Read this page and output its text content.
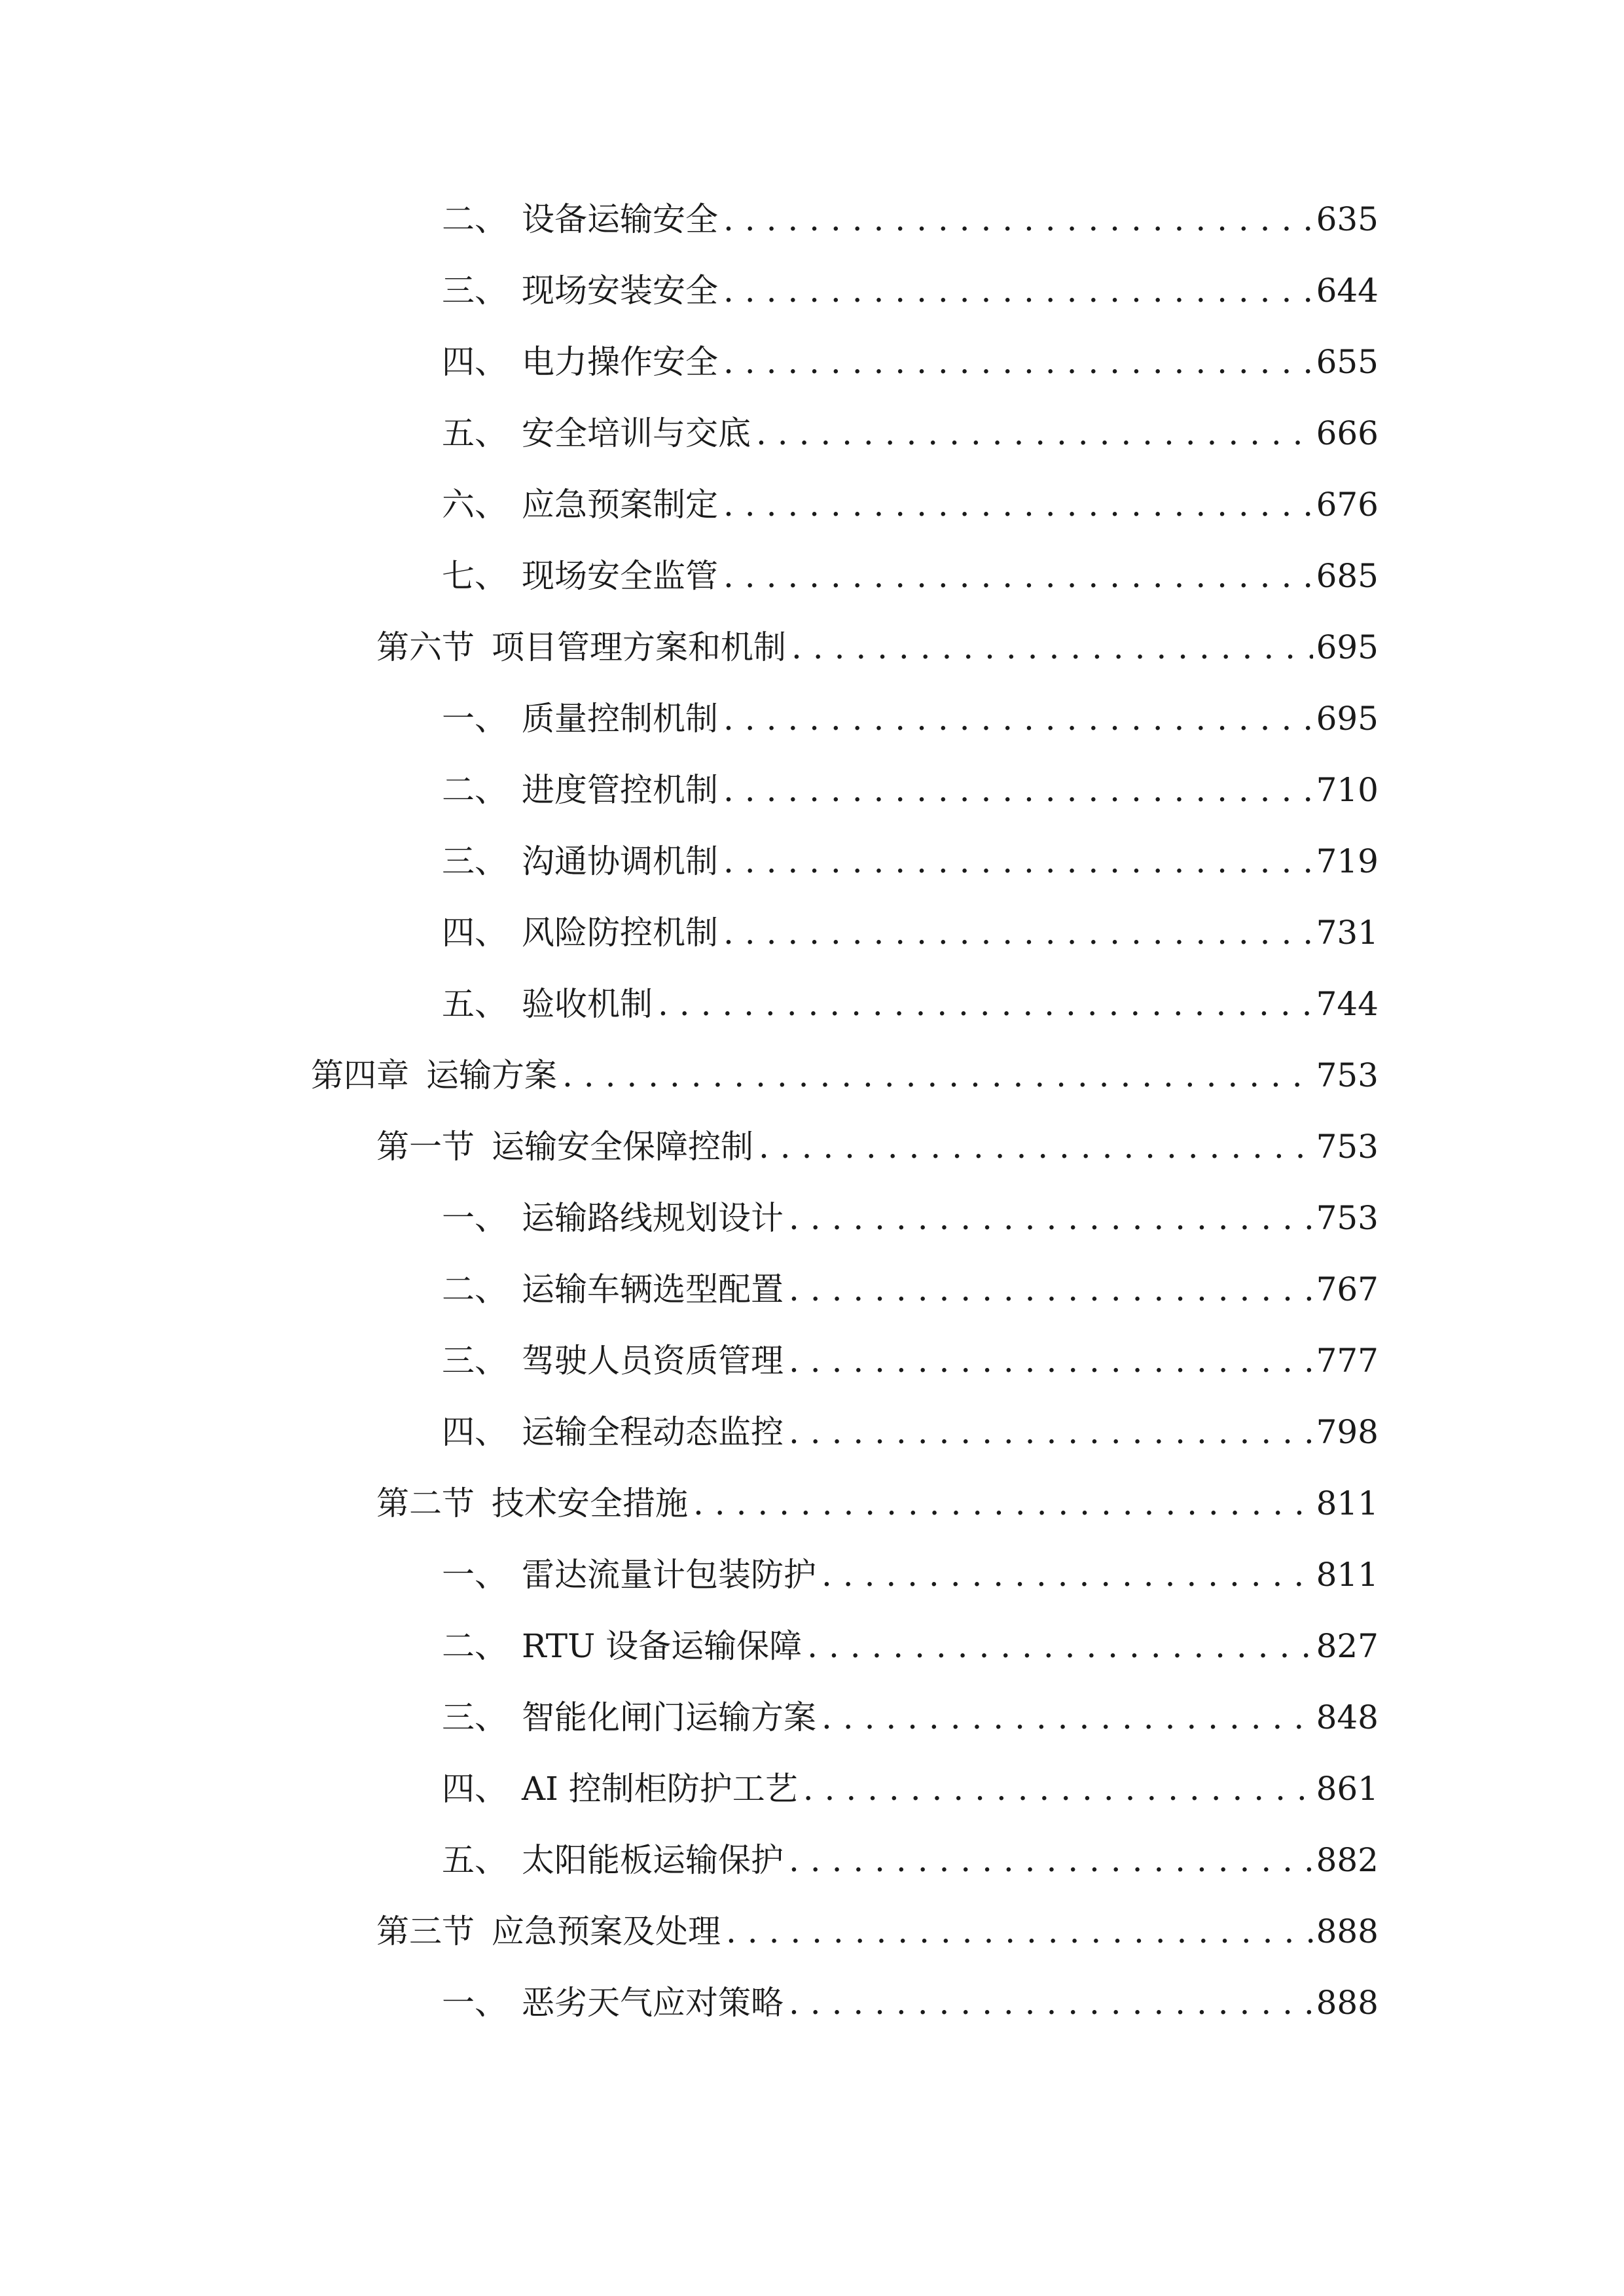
二、 设备运输安全 . . .	635
三、 现场安装安全 . . .	644
四、 电力操作安全 . . .	655
五、 安全培训与交底 . . .	666
六、 应急预案制定 . . .	676
七、 现场安全监管 . . .	685
第六节 项目管理方案和机制 . . .	695
一、 质量控制机制 . . .	695
二、 进度管控机制 . . .	710
三、 沟通协调机制 . . .	719
四、 风险防控机制 . . .	731
五、 验收机制 . . .	744
第四章 运输方案 . . .	753
第一节 运输安全保障控制 . . .	753
一、 运输路线规划设计 . . .	753
二、 运输车辆选型配置 . . .	767
三、 驾驶人员资质管理 . . .	777
四、 运输全程动态监控 . . .	798
第二节 技术安全措施 . . .	811
一、 雷达流量计包装防护 . . .	811
二、 RTU 设备运输保障 . . .	827
三、 智能化闸门运输方案 . . .	848
四、 AI 控制柜防护工艺 . . .	861
五、 太阳能板运输保护 . . .	882
第三节 应急预案及处理 . . .	888
一、 恶劣天气应对策略 . . .	888
